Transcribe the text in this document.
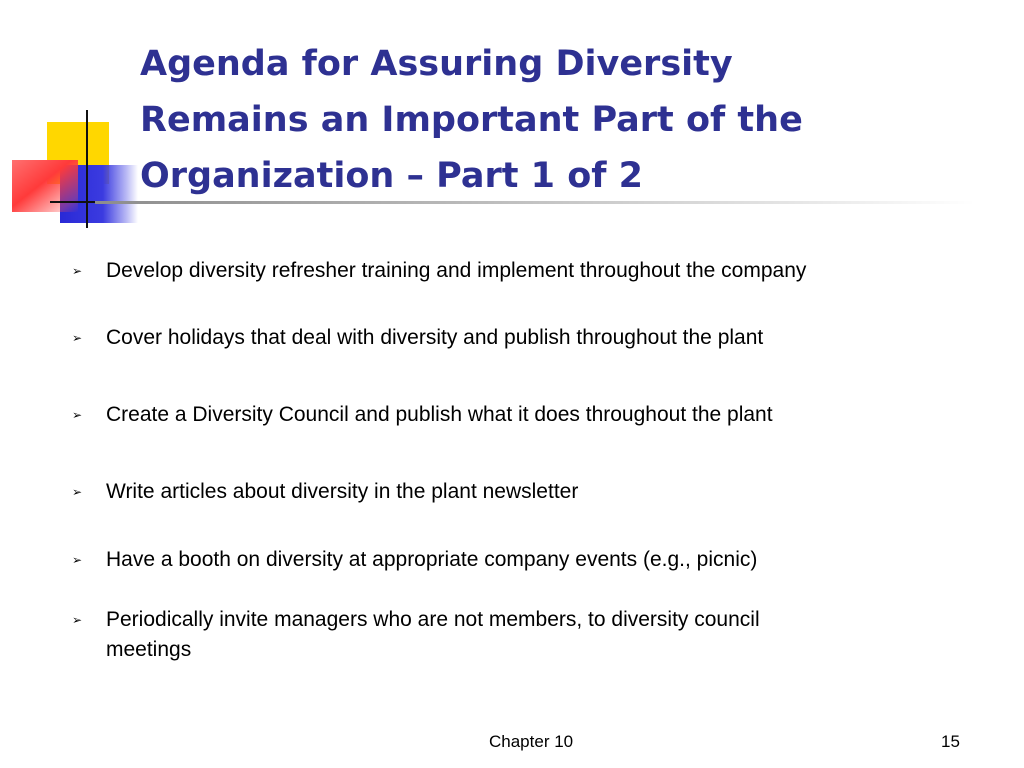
Agenda for Assuring Diversity
Remains an Important Part of the
Organization – Part 1 of 2
➢ Develop diversity refresher training and implement throughout the company
➢ Cover holidays that deal with diversity and publish throughout the plant
➢ Create a Diversity Council and publish what it does throughout the plant
➢ Write articles about diversity in the plant newsletter
➢ Have a booth on diversity at appropriate company events (e.g., picnic)
➢ Periodically invite managers who are not members, to diversity council
meetings
Chapter 10	15
